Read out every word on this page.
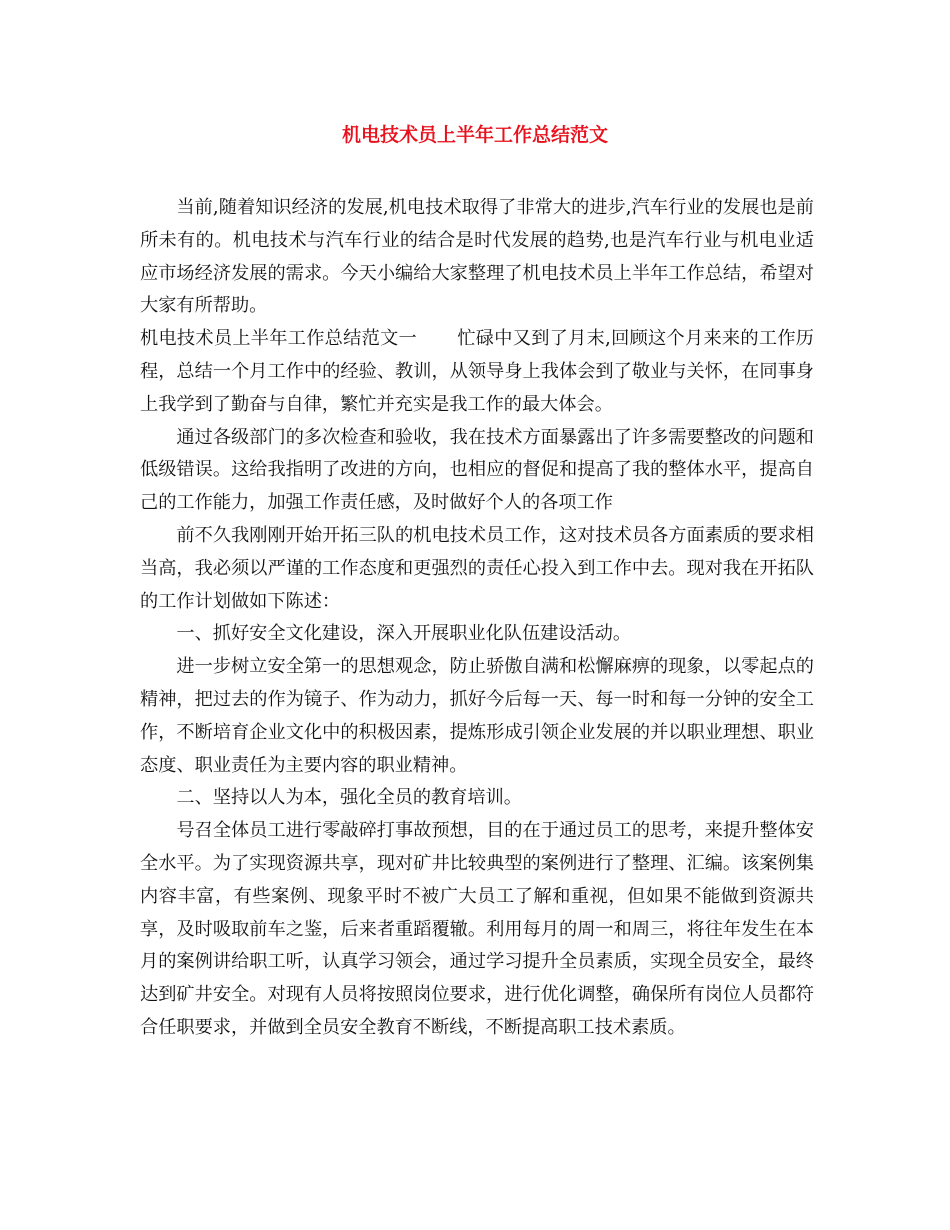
机电技术员上半年工作总结范文

当前,随着知识经济的发展,机电技术取得了非常大的进步,汽车行业的发展也是前所未有的。机电技术与汽车行业的结合是时代发展的趋势,也是汽车行业与机电业适应市场经济发展的需求。今天小编给大家整理了机电技术员上半年工作总结，希望对大家有所帮助。

机电技术员上半年工作总结范文一 忙碌中又到了月末,回顾这个月来来的工作历程，总结一个月工作中的经验、教训，从领导身上我体会到了敬业与关怀，在同事身上我学到了勤奋与自律，繁忙并充实是我工作的最大体会。

通过各级部门的多次检查和验收，我在技术方面暴露出了许多需要整改的问题和低级错误。这给我指明了改进的方向，也相应的督促和提高了我的整体水平，提高自己的工作能力，加强工作责任感，及时做好个人的各项工作

前不久我刚刚开始开拓三队的机电技术员工作，这对技术员各方面素质的要求相当高，我必须以严谨的工作态度和更强烈的责任心投入到工作中去。现对我在开拓队的工作计划做如下陈述：

一、抓好安全文化建设，深入开展职业化队伍建设活动。

进一步树立安全第一的思想观念，防止骄傲自满和松懈麻痹的现象，以零起点的精神，把过去的作为镜子、作为动力，抓好今后每一天、每一时和每一分钟的安全工作，不断培育企业文化中的积极因素，提炼形成引领企业发展的并以职业理想、职业态度、职业责任为主要内容的职业精神。

二、坚持以人为本，强化全员的教育培训。

号召全体员工进行零敲碎打事故预想，目的在于通过员工的思考，来提升整体安全水平。为了实现资源共享，现对矿井比较典型的案例进行了整理、汇编。该案例集内容丰富，有些案例、现象平时不被广大员工了解和重视，但如果不能做到资源共享，及时吸取前车之鉴，后来者重蹈覆辙。利用每月的周一和周三，将往年发生在本月的案例讲给职工听，认真学习领会，通过学习提升全员素质，实现全员安全，最终达到矿井安全。对现有人员将按照岗位要求，进行优化调整，确保所有岗位人员都符合任职要求，并做到全员安全教育不断线，不断提高职工技术素质。
